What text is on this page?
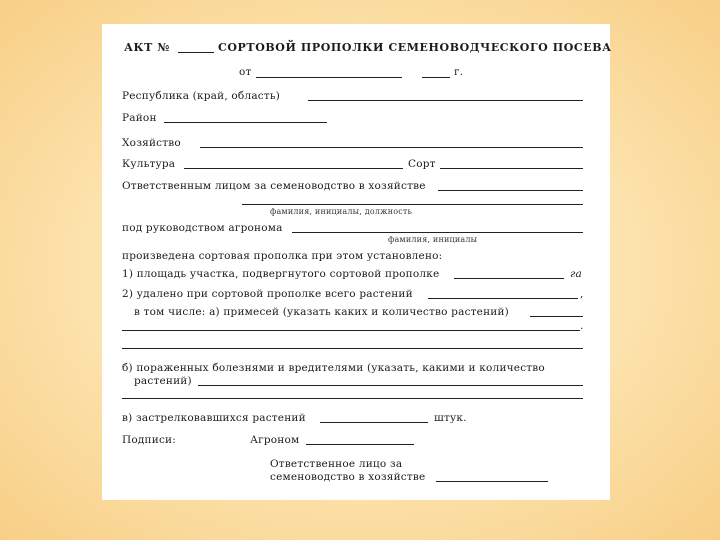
АКТ №	СОРТОВОЙ ПРОПОЛКИ СЕМЕНОВОДЧЕСКОГО ПОСЕВА
от	г.
Республика (край, область)
Район
Хозяйство
Культура	Сорт
Ответственным лицом за семеноводство в хозяйстве
фамилия, инициалы, должность
под руководством агронома
фамилия, инициалы
произведена сортовая прополка при этом установлено:
1) площадь участка, подвергнутого сортовой прополке	га
2) удалено при сортовой прополке всего растений	,
в том числе: а) примесей (указать каких и количество растений)
.
б) пораженных болезнями и вредителями (указать, какими и количество
растений)
в) застрелковавшихся растений	штук.
Подписи:	Агроном
Ответственное лицо за
семеноводство в хозяйстве
